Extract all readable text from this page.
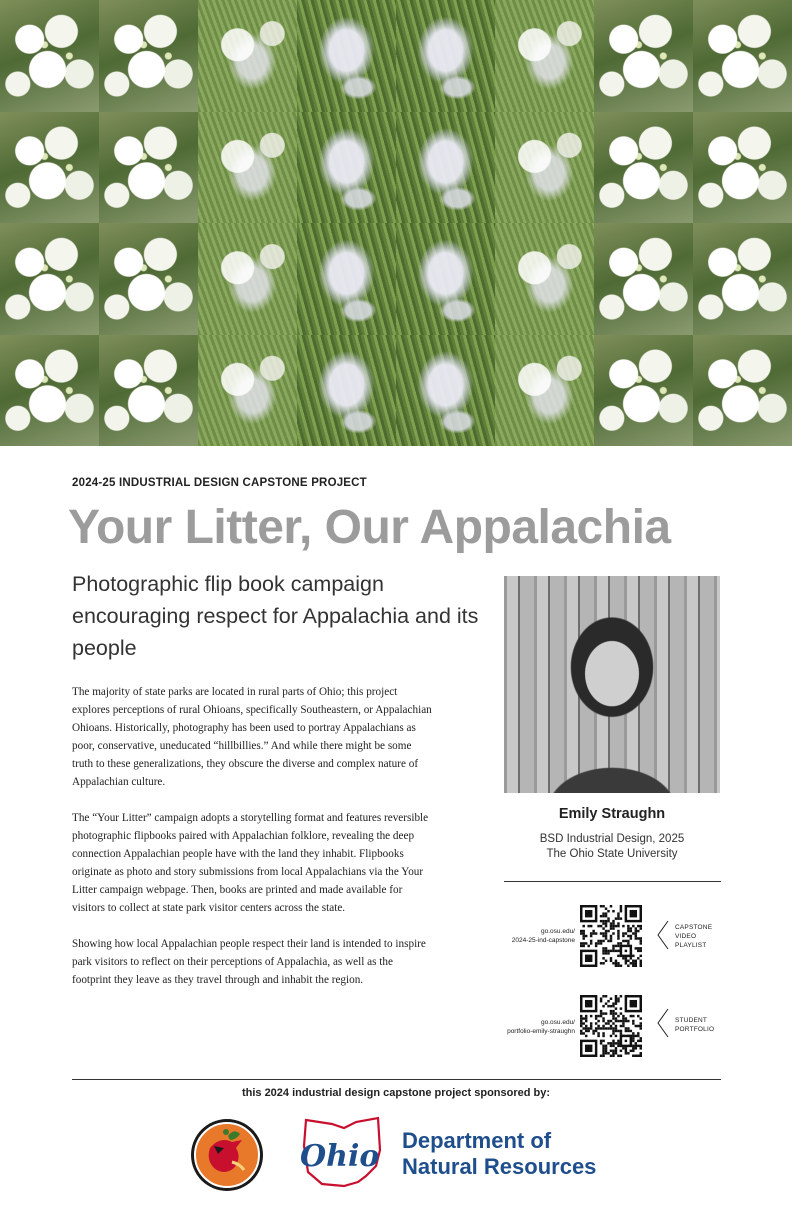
2024-25 INDUSTRIAL DESIGN CAPSTONE PROJECT
Your Litter, Our Appalachia
Photographic flip book campaign encouraging respect for Appalachia and its people

The majority of state parks are located in rural parts of Ohio; this project explores perceptions of rural Ohioans, specifically Southeastern, or Appalachian Ohioans. Historically, photography has been used to portray Appalachians as poor, conservative, uneducated “hillbillies.” And while there might be some truth to these generalizations, they obscure the diverse and complex nature of Appalachian culture.

The “Your Litter” campaign adopts a storytelling format and features reversible photographic flipbooks paired with Appalachian folklore, revealing the deep connection Appalachian people have with the land they inhabit. Flipbooks originate as photo and story submissions from local Appalachians via the Your Litter campaign webpage. Then, books are printed and made available for visitors to collect at state park visitor centers across the state.

Showing how local Appalachian people respect their land is intended to inspire park visitors to reflect on their perceptions of Appalachia, as well as the footprint they leave as they travel through and inhabit the region.

Emily Straughn
BSD Industrial Design, 2025
The Ohio State University
go.osu.edu/
2024-25-ind-capstone
CAPSTONE
VIDEO
PLAYLIST
go.osu.edu/
portfolio-emily-straughn
STUDENT
PORTFOLIO
this 2024 industrial design capstone project sponsored by:
Ohio Department of
Natural Resources
